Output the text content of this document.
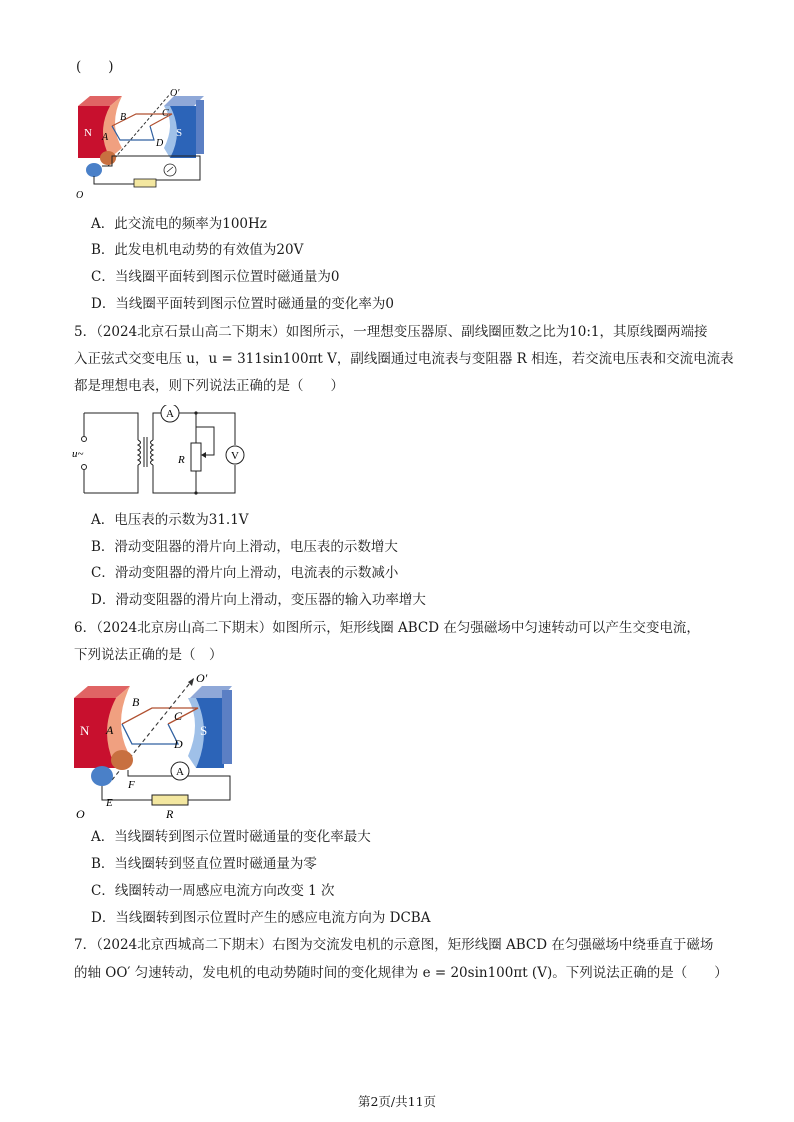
(　　)
N	S
B	C
D
A
O′
O
A．此交流电的频率为100Hz
B．此发电机电动势的有效值为20V
C．当线圈平面转到图示位置时磁通量为0
D．当线圈平面转到图示位置时磁通量的变化率为0
5．（2024北京石景山高二下期末）如图所示，一理想变压器原、副线圈匝数之比为10:1，其原线圈两端接
入正弦式交变电压 u，u = 311sin100πt V，副线圈通过电流表与变阻器 R 相连，若交流电压表和交流电流表
都是理想电表，则下列说法正确的是（　　）
u~
A
V
R
A．电压表的示数为31.1V
B．滑动变阻器的滑片向上滑动，电压表的示数增大
C．滑动变阻器的滑片向上滑动，电流表的示数减小
D．滑动变阻器的滑片向上滑动，变压器的输入功率增大
6．（2024北京房山高二下期末）如图所示，矩形线圈 ABCD 在匀强磁场中匀速转动可以产生交变电流，
下列说法正确的是（　）
N	S
B
C
D
A
O′
A
R
F
E
O
A．当线圈转到图示位置时磁通量的变化率最大
B．当线圈转到竖直位置时磁通量为零
C．线圈转动一周感应电流方向改变 1 次
D．当线圈转到图示位置时产生的感应电流方向为 DCBA
7．（2024北京西城高二下期末）右图为交流发电机的示意图，矩形线圈 ABCD 在匀强磁场中绕垂直于磁场
的轴 OO′ 匀速转动，发电机的电动势随时间的变化规律为 e = 20sin100πt (V)。下列说法正确的是（　　）
第2页/共11页
